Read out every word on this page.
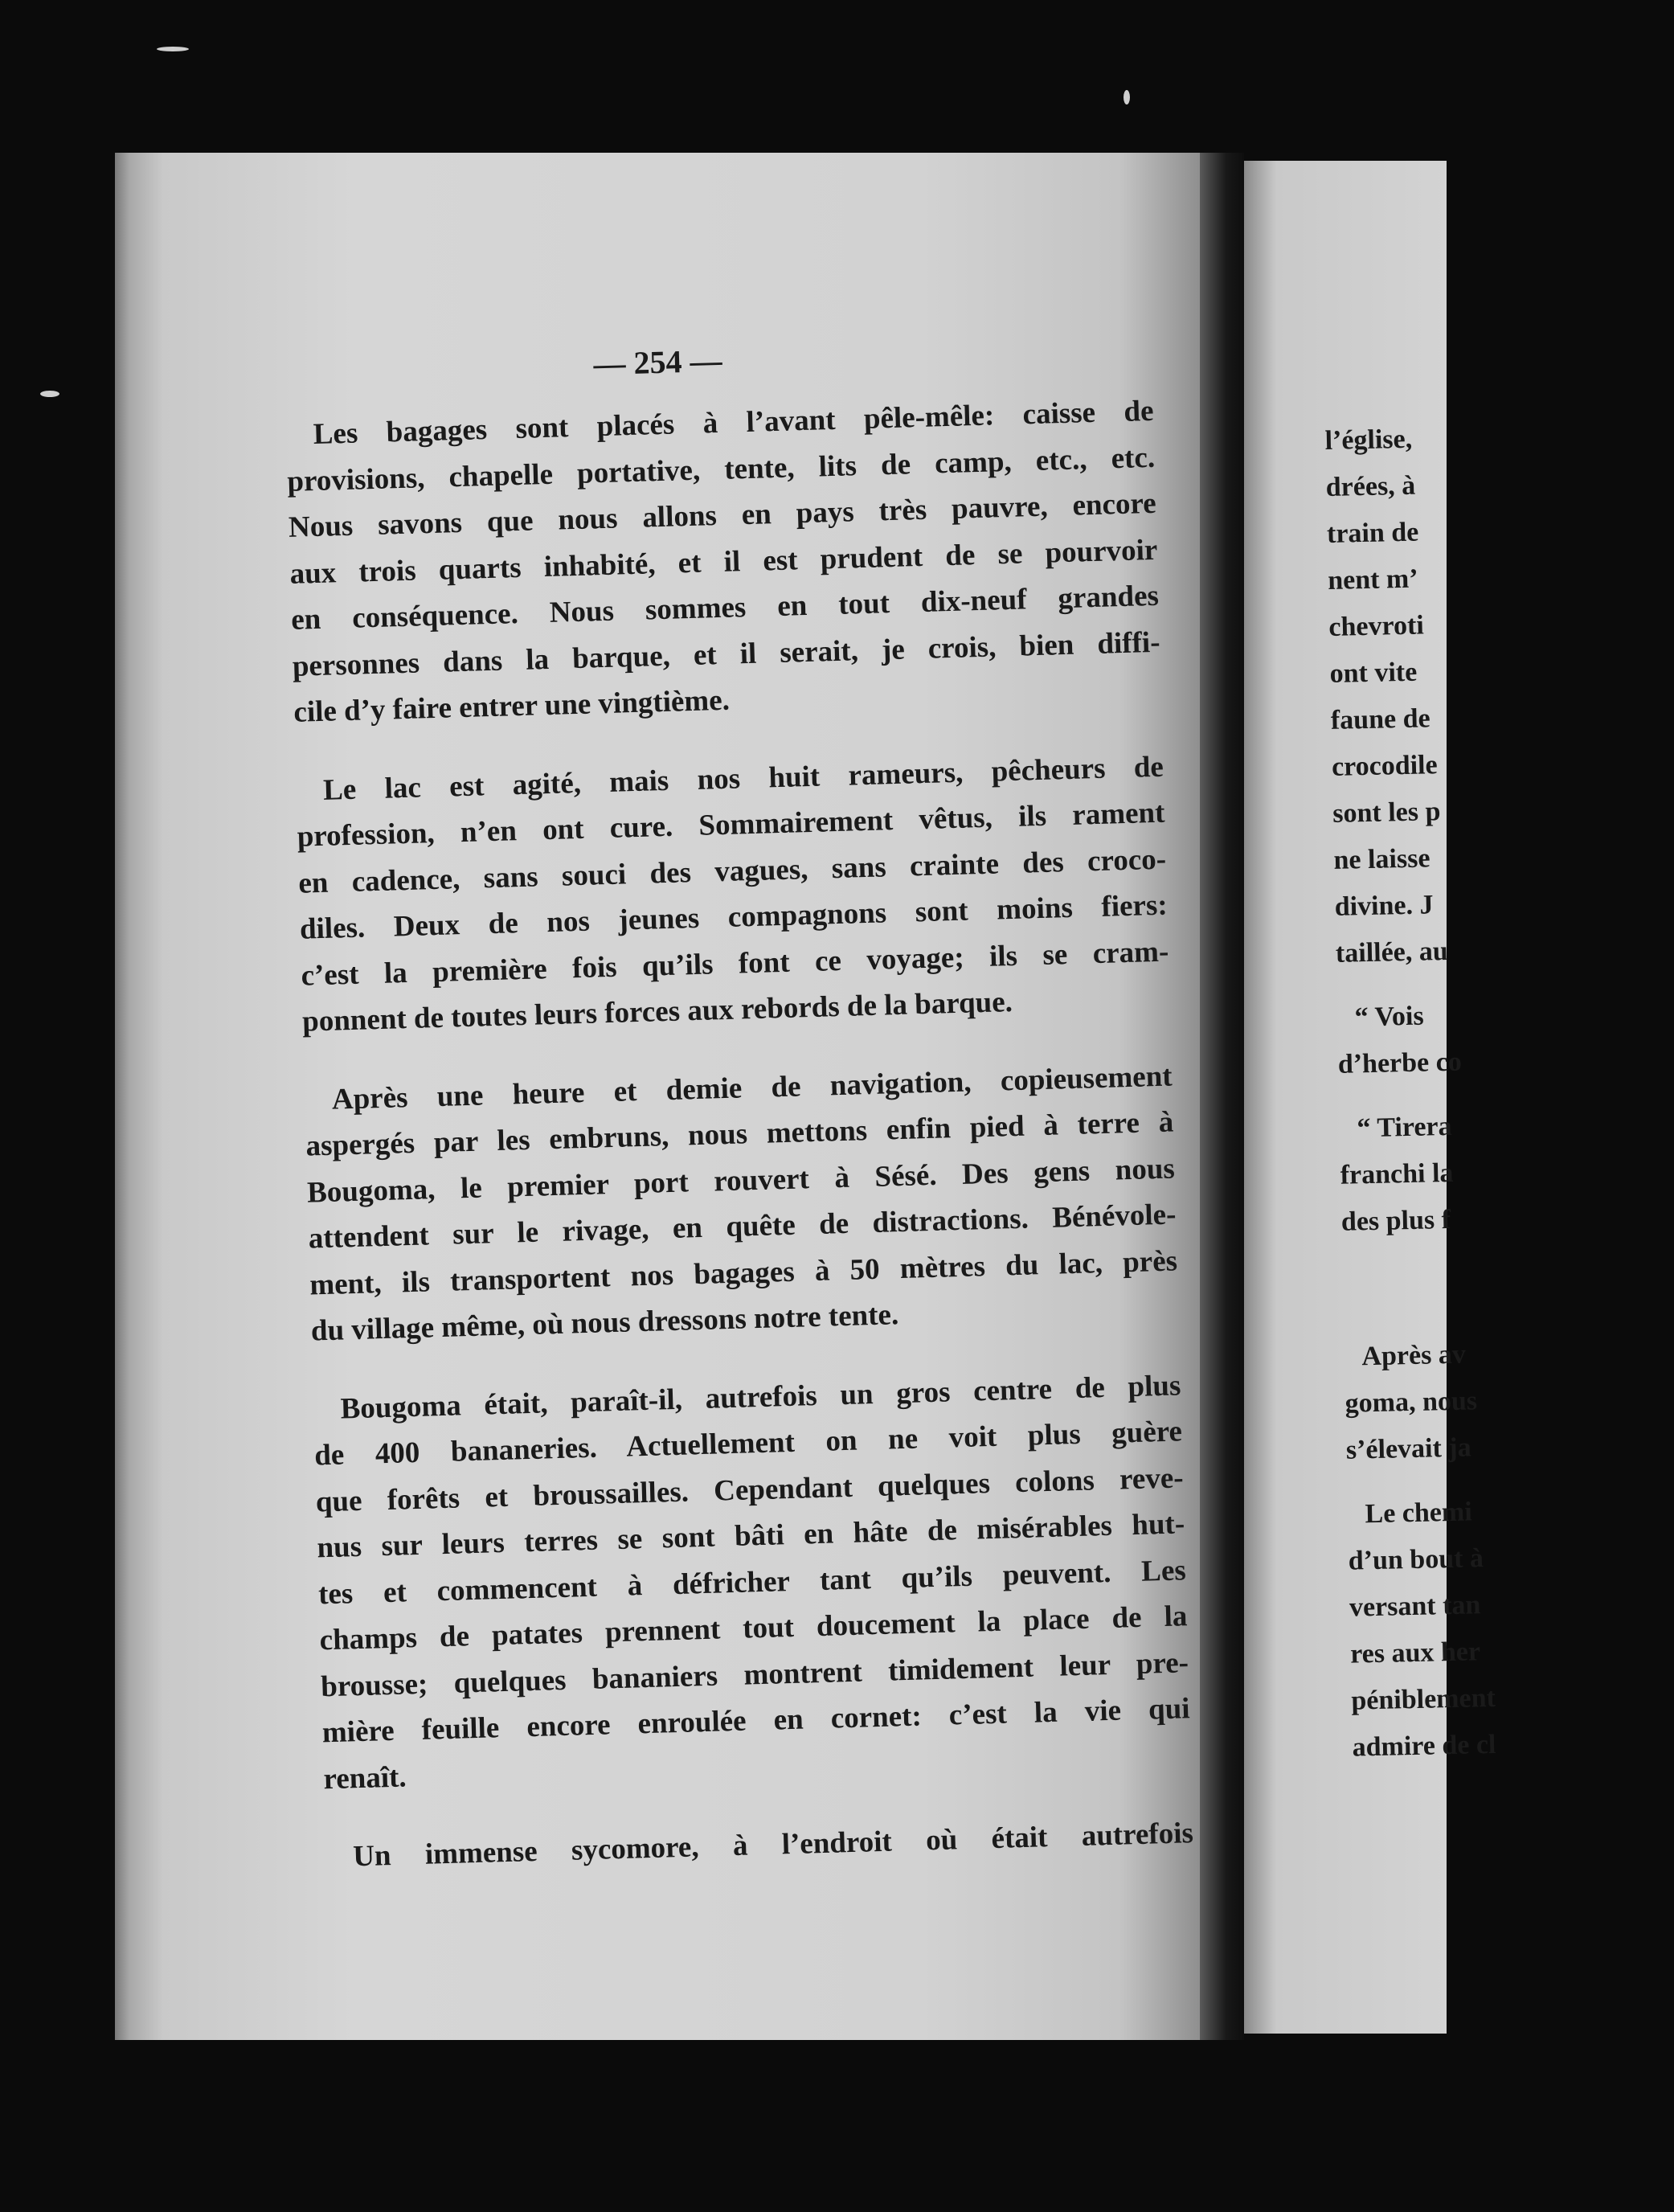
— 254 —
Les bagages sont placés à l’avant pêle-mêle: caisse de
provisions, chapelle portative, tente, lits de camp, etc., etc.
Nous savons que nous allons en pays très pauvre, encore
aux trois quarts inhabité, et il est prudent de se pourvoir
en conséquence. Nous sommes en tout dix-neuf grandes
personnes dans la barque, et il serait, je crois, bien diffi-
cile d’y faire entrer une vingtième.
Le lac est agité, mais nos huit rameurs, pêcheurs de
profession, n’en ont cure. Sommairement vêtus, ils rament
en cadence, sans souci des vagues, sans crainte des croco-
diles. Deux de nos jeunes compagnons sont moins fiers:
c’est la première fois qu’ils font ce voyage; ils se cram-
ponnent de toutes leurs forces aux rebords de la barque.
Après une heure et demie de navigation, copieusement
aspergés par les embruns, nous mettons enfin pied à terre à
Bougoma, le premier port rouvert à Sésé. Des gens nous
attendent sur le rivage, en quête de distractions. Bénévole-
ment, ils transportent nos bagages à 50 mètres du lac, près
du village même, où nous dressons notre tente.
Bougoma était, paraît-il, autrefois un gros centre de plus
de 400 bananeries. Actuellement on ne voit plus guère
que forêts et broussailles. Cependant quelques colons reve-
nus sur leurs terres se sont bâti en hâte de misérables hut-
tes et commencent à défricher tant qu’ils peuvent. Les
champs de patates prennent tout doucement la place de la
brousse; quelques bananiers montrent timidement leur pre-
mière feuille encore enroulée en cornet: c’est la vie qui
renaît.
Un immense sycomore, à l’endroit où était autrefois
l’église,
drées, à
train de
nent m’
chevroti
ont vite
faune de
crocodile
sont les p
ne laisse
divine. J
taillée, au
“ Vois
d’herbe co
“ Tirera
franchi la
des plus f
Après av
goma, nous
s’élevait ja
Le chemi
d’un bout à
versant tan
res aux her
péniblement
admire de cl
